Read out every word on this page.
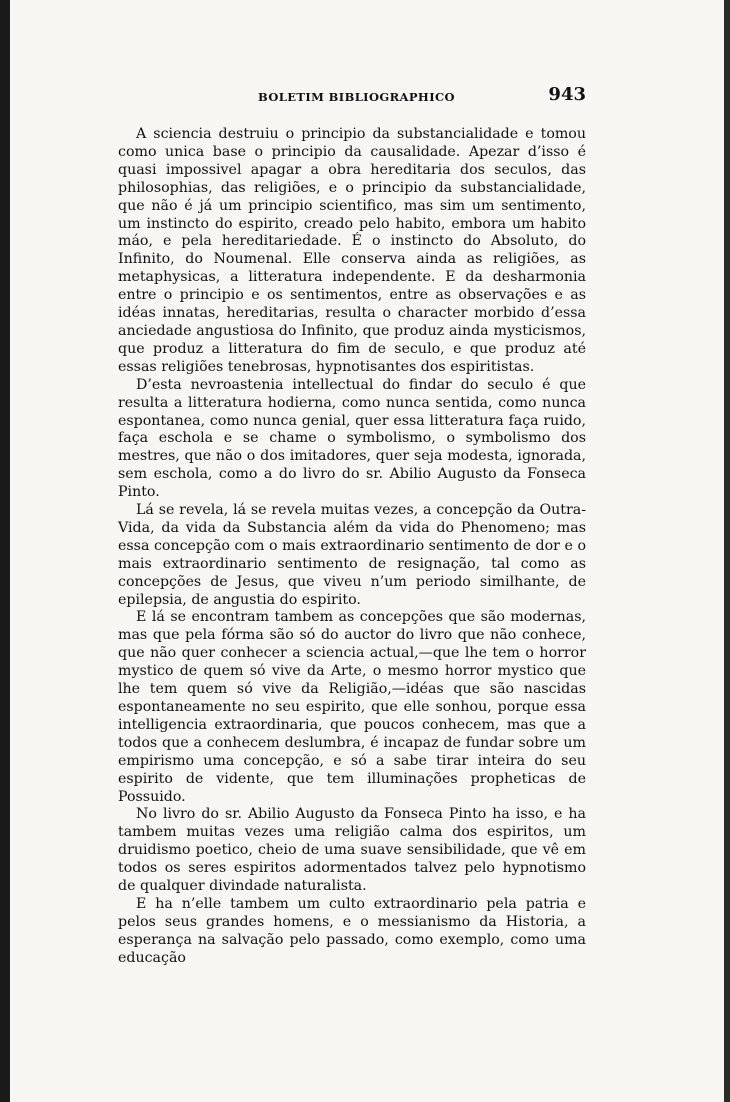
BOLETIM BIBLIOGRAPHICO	943

A sciencia destruiu o principio da substancialidade e tomou como unica base o principio da causalidade. Apezar d’isso é quasi impossivel apagar a obra hereditaria dos seculos, das philosophias, das religiões, e o principio da substancialidade, que não é já um principio scientifico, mas sim um sentimento, um instincto do espirito, creado pelo habito, embora um habito máo, e pela hereditariedade. É o instincto do Absoluto, do Infinito, do Noumenal. Elle conserva ainda as religiões, as metaphysicas, a litteratura independente. E da desharmonia entre o principio e os sentimentos, entre as observações e as idéas innatas, hereditarias, resulta o character morbido d’essa anciedade angustiosa do Infinito, que produz ainda mysticismos, que produz a litteratura do fim de seculo, e que produz até essas religiões tenebrosas, hypnotisantes dos espiritistas.

D’esta nevroastenia intellectual do findar do seculo é que resulta a litteratura hodierna, como nunca sentida, como nunca espontanea, como nunca genial, quer essa litteratura faça ruido, faça eschola e se chame o symbolismo, o symbolismo dos mestres, que não o dos imitadores, quer seja modesta, ignorada, sem eschola, como a do livro do sr. Abilio Augusto da Fonseca Pinto.

Lá se revela, lá se revela muitas vezes, a concepção da Outra-Vida, da vida da Substancia além da vida do Phenomeno; mas essa concepção com o mais extraordinario sentimento de dor e o mais extraordinario sentimento de resignação, tal como as concepções de Jesus, que viveu n’um periodo similhante, de epilepsia, de angustia do espirito.

E lá se encontram tambem as concepções que são modernas, mas que pela fórma são só do auctor do livro que não conhece, que não quer conhecer a sciencia actual,—que lhe tem o horror mystico de quem só vive da Arte, o mesmo horror mystico que lhe tem quem só vive da Religião,—idéas que são nascidas espontaneamente no seu espirito, que elle sonhou, porque essa intelligencia extraordinaria, que poucos conhecem, mas que a todos que a conhecem deslumbra, é incapaz de fundar sobre um empirismo uma concepção, e só a sabe tirar inteira do seu espirito de vidente, que tem illuminações propheticas de Possuido.

No livro do sr. Abilio Augusto da Fonseca Pinto ha isso, e ha tambem muitas vezes uma religião calma dos espiritos, um druidismo poetico, cheio de uma suave sensibilidade, que vê em todos os seres espiritos adormentados talvez pelo hypnotismo de qualquer divindade naturalista.

E ha n’elle tambem um culto extraordinario pela patria e pelos seus grandes homens, e o messianismo da Historia, a esperança na salvação pelo passado, como exemplo, como uma educação
